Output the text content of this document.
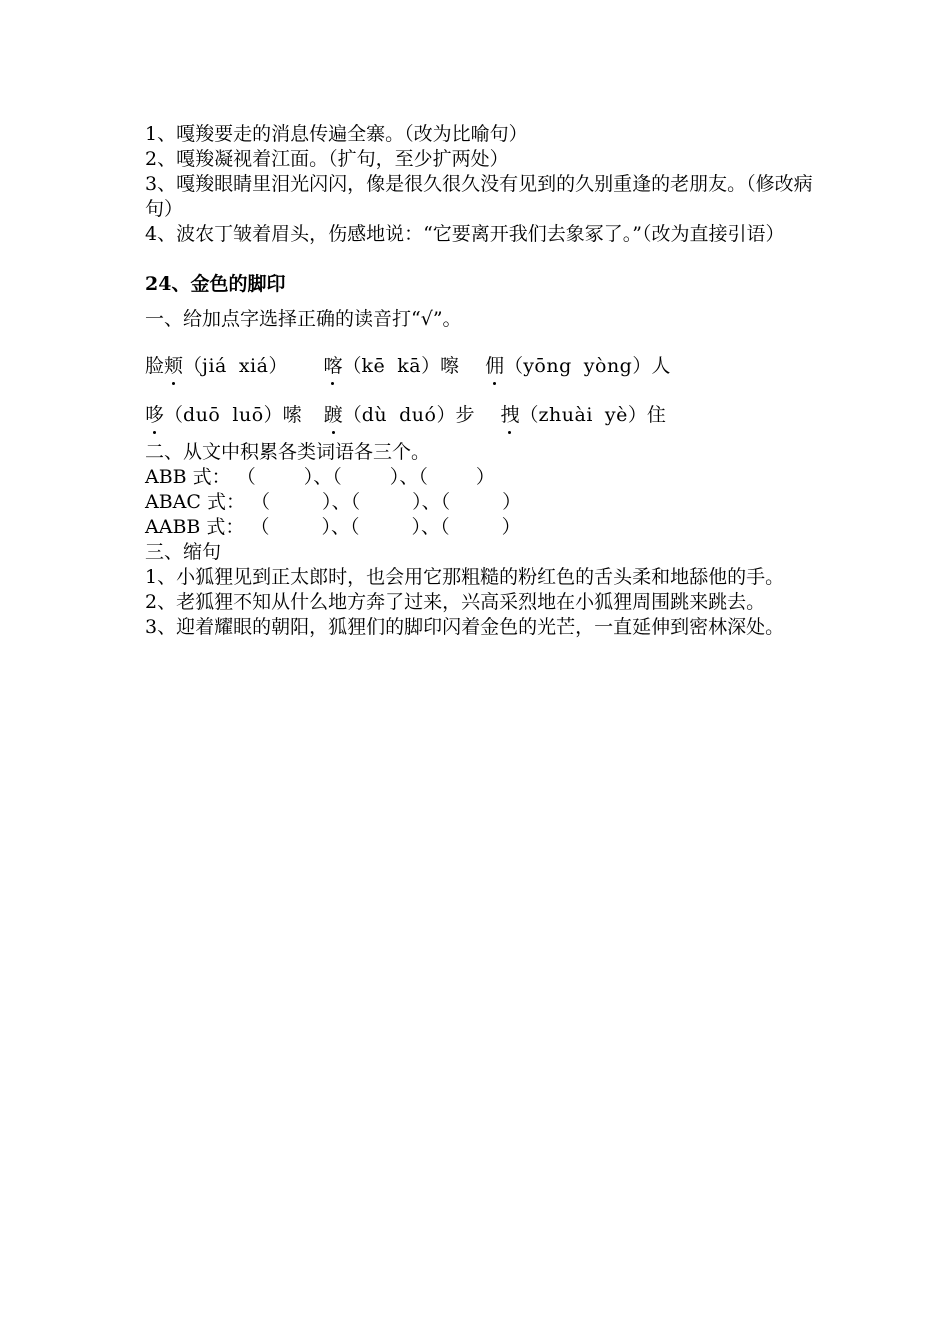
1、嘎羧要走的消息传遍全寨。（改为比喻句）
2、嘎羧凝视着江面。（扩句，至少扩两处）
3、嘎羧眼睛里泪光闪闪，像是很久很久没有见到的久别重逢的老朋友。（修改病句）
4、波农丁皱着眉头，伤感地说：“它要离开我们去象冢了。”（改为直接引语）
24、金色的脚印
一、给加点字选择正确的读音打“√”。
脸颊（jiá xiá） 喀（kē kā）嚓 佣（yōng yòng）人
哆（duō luō）嗦 踱（dù duó）步 拽（zhuài yè）住
二、从文中积累各类词语各三个。
ABB 式： （	）、（	）、（	）
ABAC 式： （	）、（	）、（	）
AABB 式： （	）、（	）、（	）
三、缩句
1、小狐狸见到正太郎时，也会用它那粗糙的粉红色的舌头柔和地舔他的手。
2、老狐狸不知从什么地方奔了过来，兴高采烈地在小狐狸周围跳来跳去。
3、迎着耀眼的朝阳，狐狸们的脚印闪着金色的光芒，一直延伸到密林深处。
